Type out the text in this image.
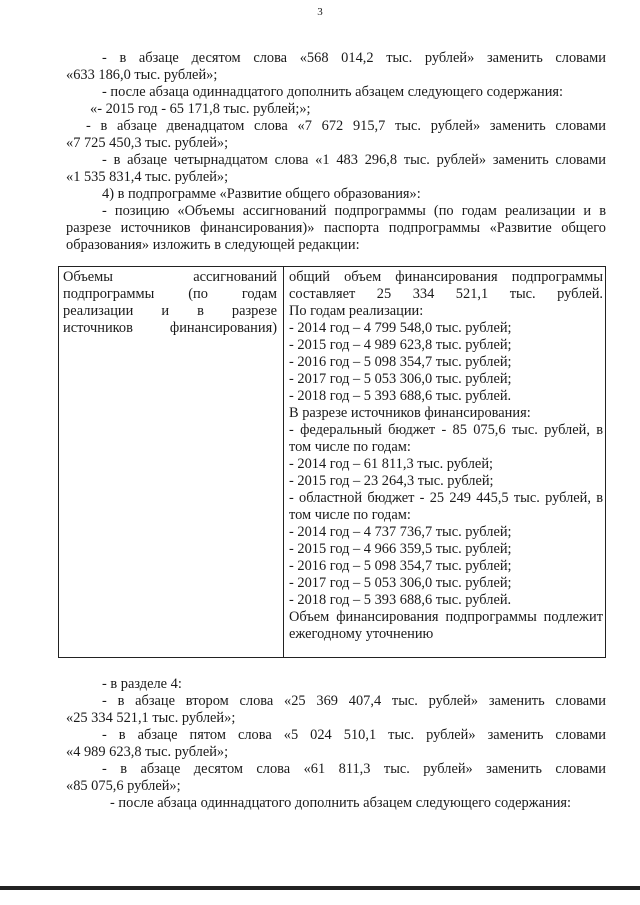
3

- в абзаце десятом слова «568 014,2 тыс. рублей» заменить словами

«633 186,0 тыс. рублей»;

- после абзаца одиннадцатого дополнить абзацем следующего содержания:

«- 2015 год - 65 171,8 тыс. рублей;»;

- в абзаце двенадцатом слова «7 672 915,7 тыс. рублей» заменить словами

«7 725 450,3 тыс. рублей»;

- в абзаце четырнадцатом слова «1 483 296,8 тыс. рублей» заменить словами

«1 535 831,4 тыс. рублей»;

4) в подпрограмме «Развитие общего образования»:

- позицию «Объемы ассигнований подпрограммы (по годам реализации и в разрезе источников финансирования)» паспорта подпрограммы «Развитие общего образования» изложить в следующей редакции:

Объемы ассигнований подпрограммы (по годам реализации и в разрезе источников финансирования)

общий объем финансирования подпрограммы составляет 25 334 521,1 тыс. рублей.

По годам реализации:

- 2014 год – 4 799 548,0 тыс. рублей;

- 2015 год – 4 989 623,8 тыс. рублей;

- 2016 год – 5 098 354,7 тыс. рублей;

- 2017 год – 5 053 306,0 тыс. рублей;

- 2018 год – 5 393 688,6 тыс. рублей.

В разрезе источников финансирования:

- федеральный бюджет - 85 075,6 тыс. рублей, в том числе по годам:

- 2014 год – 61 811,3 тыс. рублей;

- 2015 год – 23 264,3 тыс. рублей;

- областной бюджет - 25 249 445,5 тыс. рублей, в том числе по годам:

- 2014 год – 4 737 736,7 тыс. рублей;

- 2015 год – 4 966 359,5 тыс. рублей;

- 2016 год – 5 098 354,7 тыс. рублей;

- 2017 год – 5 053 306,0 тыс. рублей;

- 2018 год – 5 393 688,6 тыс. рублей.

Объем финансирования подпрограммы подлежит ежегодному уточнению

- в разделе 4:

- в абзаце втором слова «25 369 407,4 тыс. рублей» заменить словами

«25 334 521,1 тыс. рублей»;

- в абзаце пятом слова «5 024 510,1 тыс. рублей» заменить словами

«4 989 623,8 тыс. рублей»;

- в абзаце десятом слова «61 811,3 тыс. рублей» заменить словами

«85 075,6 рублей»;

- после абзаца одиннадцатого дополнить абзацем следующего содержания:
